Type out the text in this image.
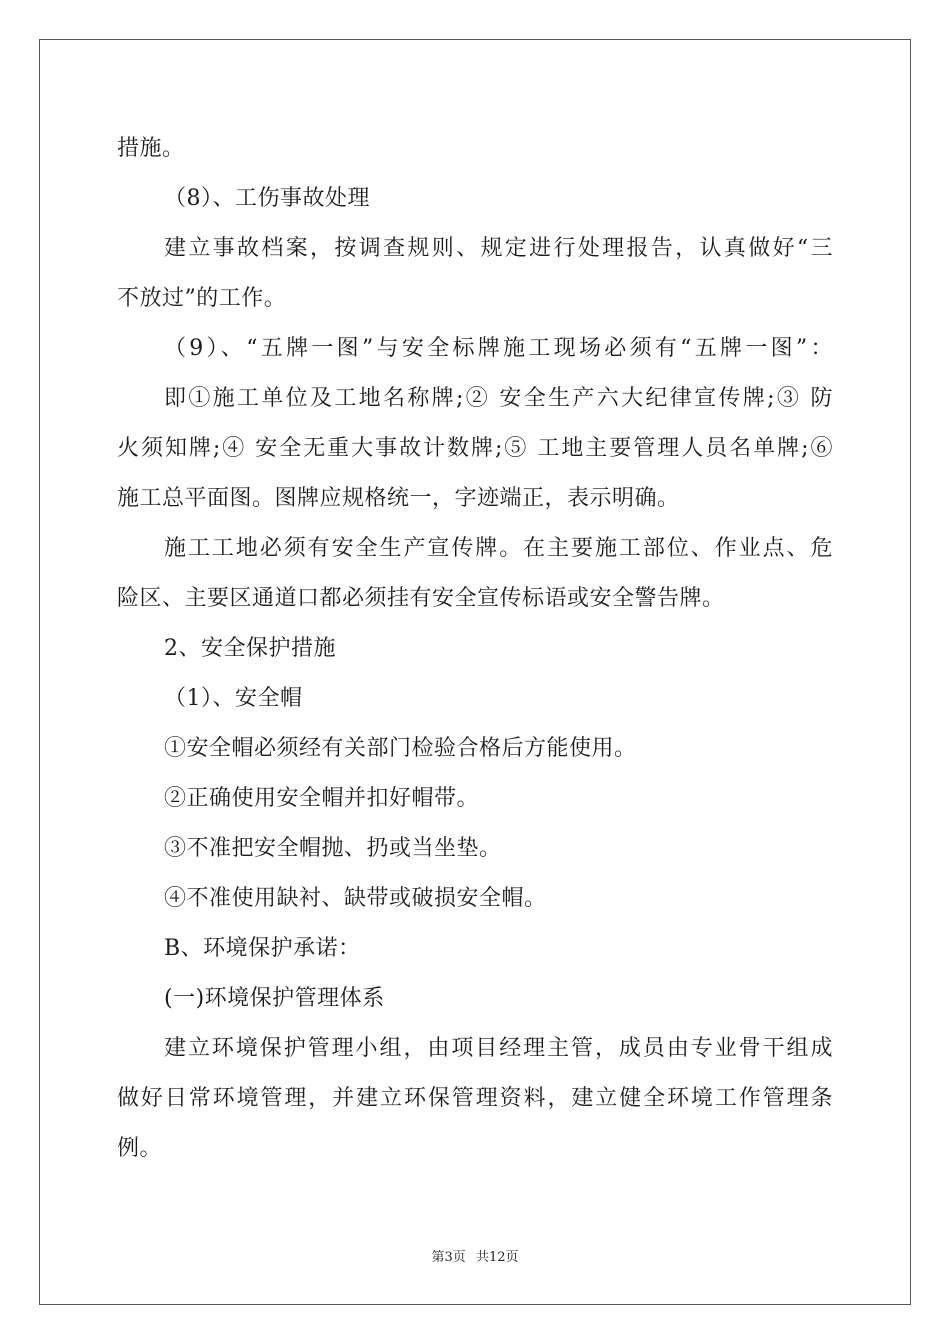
措施。
（8）、工伤事故处理
建立事故档案，按调查规则、规定进行处理报告，认真做好“三
不放过”的工作。
（9）、“五牌一图”与安全标牌施工现场必须有“五牌一图”：
即①施工单位及工地名称牌;② 安全生产六大纪律宣传牌;③ 防
火须知牌;④ 安全无重大事故计数牌;⑤ 工地主要管理人员名单牌;⑥
施工总平面图。图牌应规格统一，字迹端正，表示明确。
施工工地必须有安全生产宣传牌。在主要施工部位、作业点、危
险区、主要区通道口都必须挂有安全宣传标语或安全警告牌。
2、安全保护措施
（1）、安全帽
①安全帽必须经有关部门检验合格后方能使用。
②正确使用安全帽并扣好帽带。
③不准把安全帽抛、扔或当坐垫。
④不准使用缺衬、缺带或破损安全帽。
B、环境保护承诺：
(一)环境保护管理体系
建立环境保护管理小组，由项目经理主管，成员由专业骨干组成
做好日常环境管理，并建立环保管理资料，建立健全环境工作管理条
例。
第3页 共12页
